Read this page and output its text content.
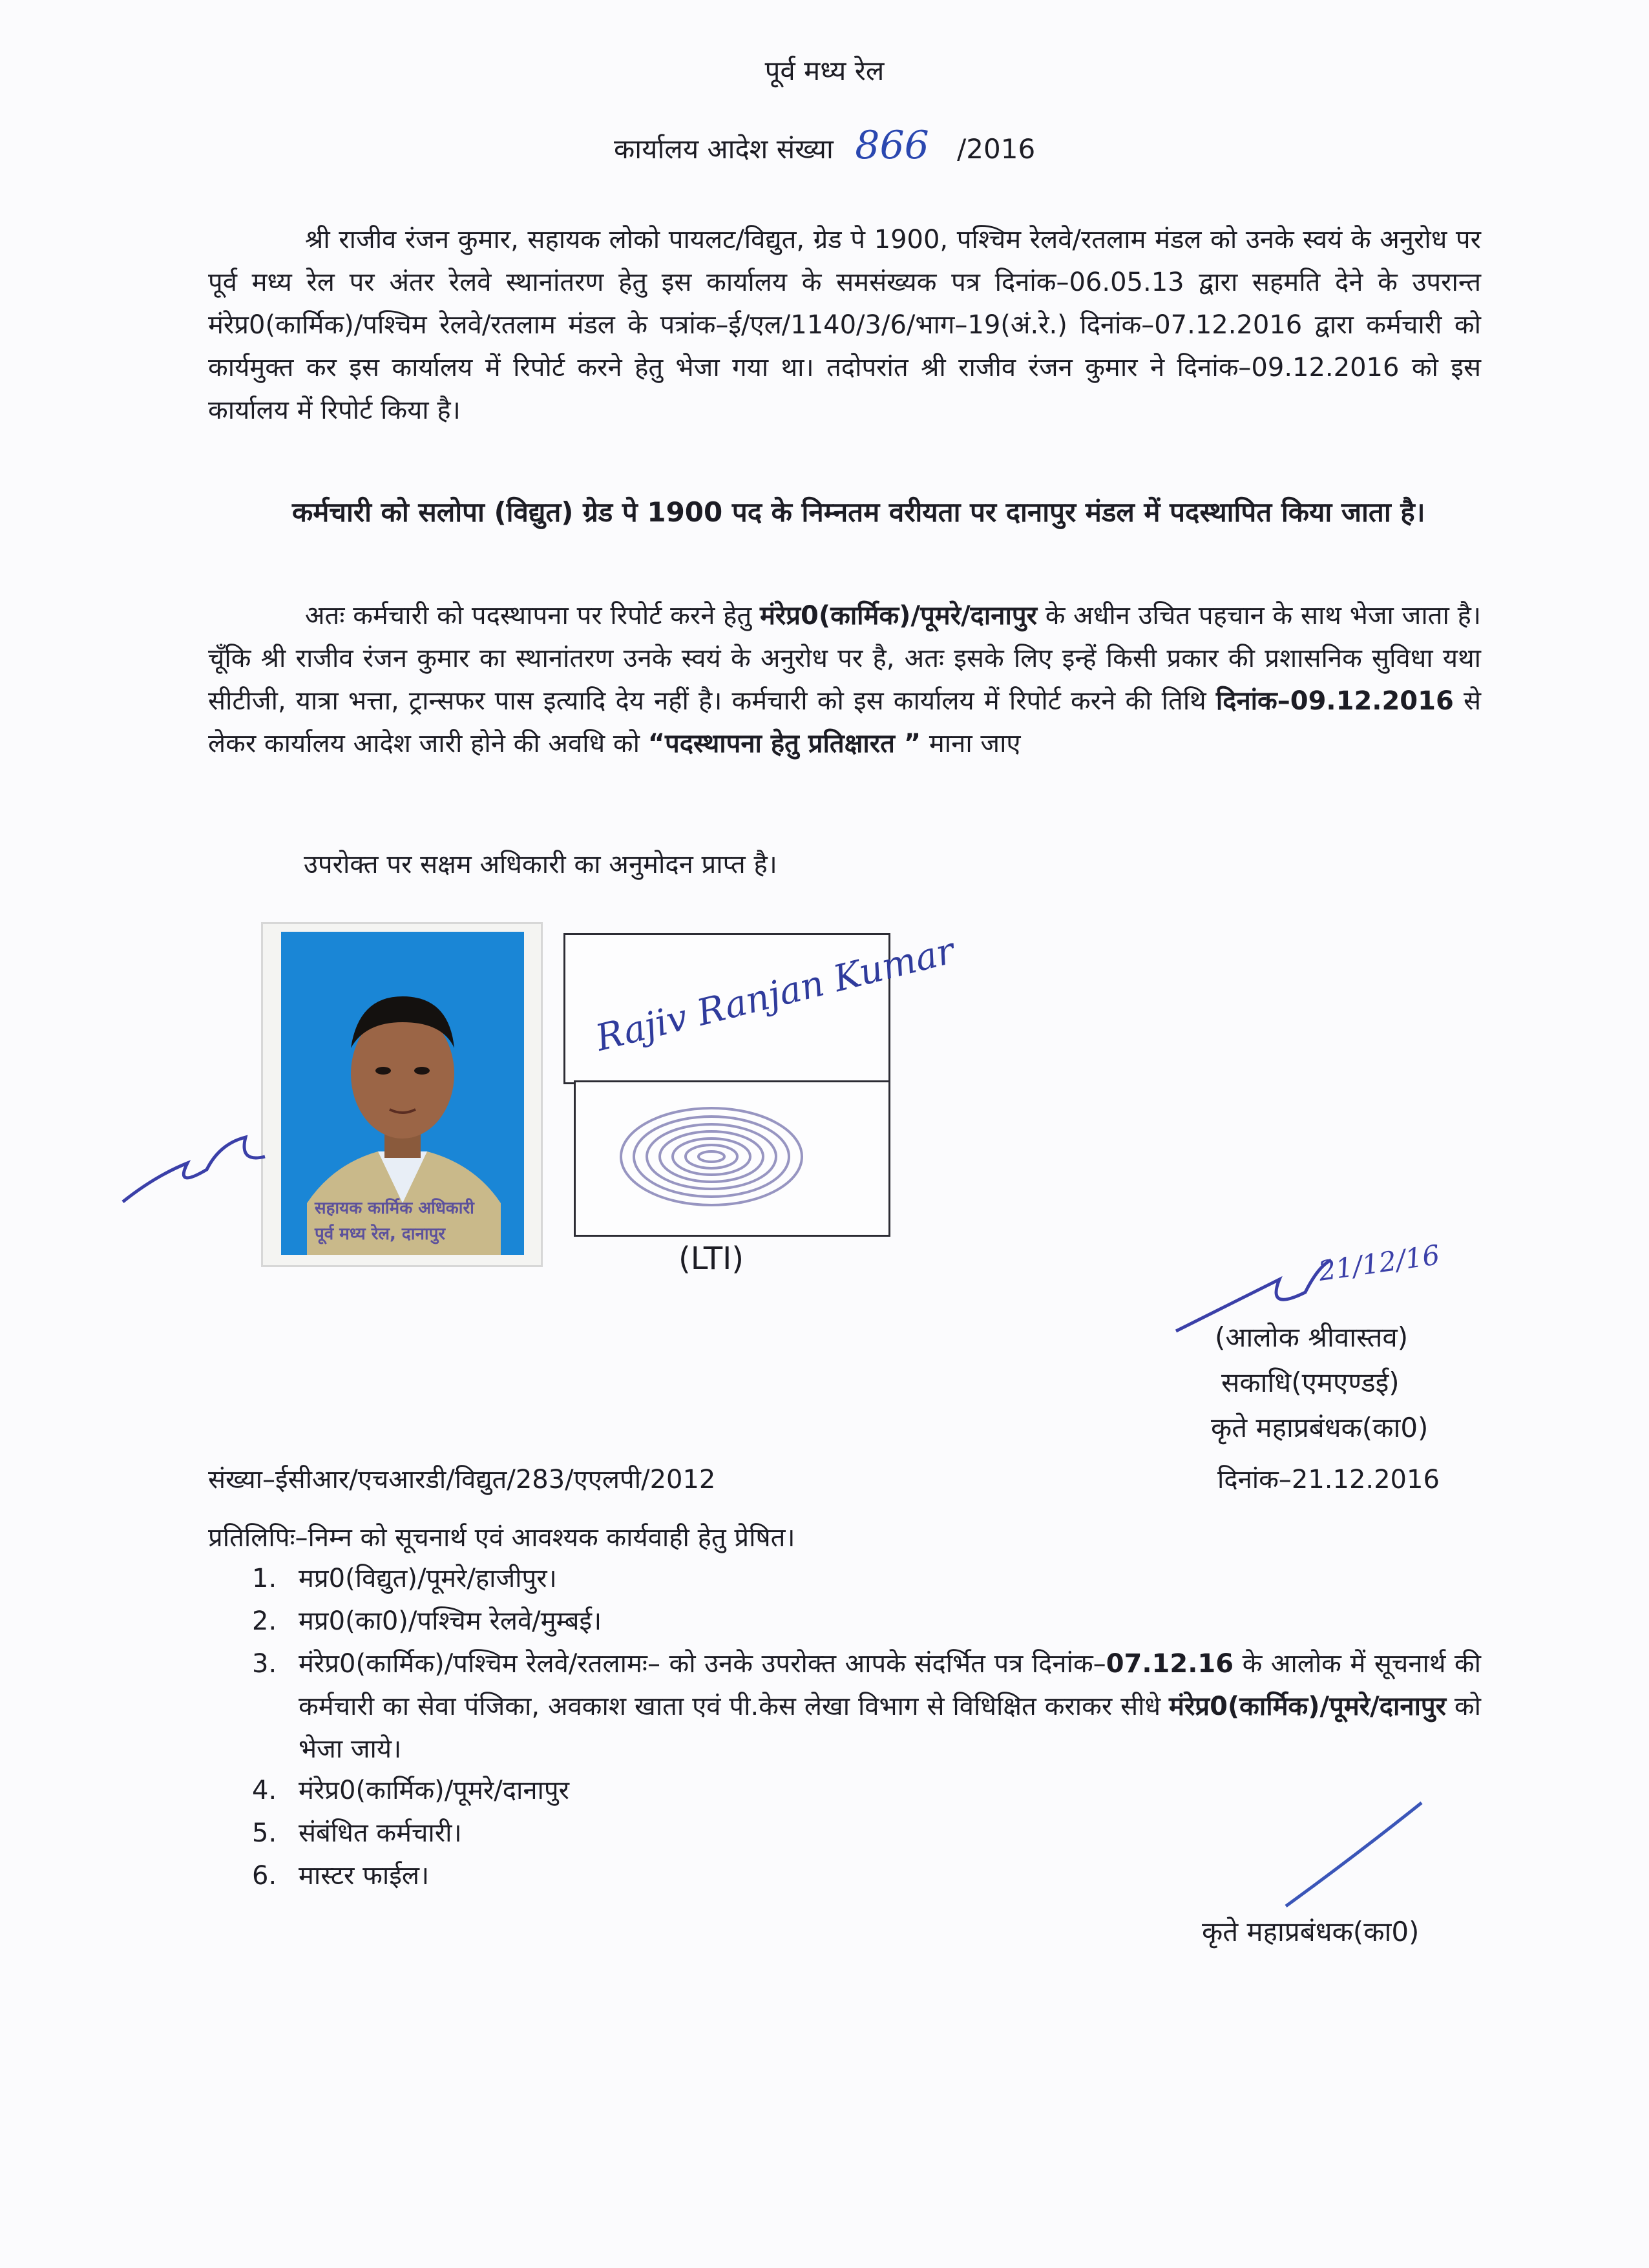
पूर्व मध्य रेल
कार्यालय आदेश संख्या 866 /2016
श्री राजीव रंजन कुमार, सहायक लोको पायलट/विद्युत, ग्रेड पे 1900, पश्चिम रेलवे/रतलाम मंडल को उनके स्वयं के अनुरोध पर पूर्व मध्य रेल पर अंतर रेलवे स्थानांतरण हेतु इस कार्यालय के समसंख्यक पत्र दिनांक–06.05.13 द्वारा सहमति देने के उपरान्त मंरेप्र0(कार्मिक)/पश्चिम रेलवे/रतलाम मंडल के पत्रांक–ई/एल/1140/3/6/भाग–19(अं.रे.) दिनांक–07.12.2016 द्वारा कर्मचारी को कार्यमुक्त कर इस कार्यालय में रिपोर्ट करने हेतु भेजा गया था। तदोपरांत श्री राजीव रंजन कुमार ने दिनांक–09.12.2016 को इस कार्यालय में रिपोर्ट किया है।
कर्मचारी को सलोपा (विद्युत) ग्रेड पे 1900 पद के निम्नतम वरीयता पर दानापुर मंडल में पदस्थापित किया जाता है।
अतः कर्मचारी को पदस्थापना पर रिपोर्ट करने हेतु मंरेप्र0(कार्मिक)/पूमरे/दानापुर के अधीन उचित पहचान के साथ भेजा जाता है। चूँकि श्री राजीव रंजन कुमार का स्थानांतरण उनके स्वयं के अनुरोध पर है, अतः इसके लिए इन्हें किसी प्रकार की प्रशासनिक सुविधा यथा सीटीजी, यात्रा भत्ता, ट्रान्सफर पास इत्यादि देय नहीं है। कर्मचारी को इस कार्यालय में रिपोर्ट करने की तिथि दिनांक–09.12.2016 से लेकर कार्यालय आदेश जारी होने की अवधि को “पदस्थापना हेतु प्रतिक्षारत ” माना जाए
उपरोक्त पर सक्षम अधिकारी का अनुमोदन प्राप्त है।
सहायक कार्मिक अधिकारी
पूर्व मध्य रेल, दानापुर
Rajiv Ranjan Kumar
(LTI)	21/12/16
(आलोक श्रीवास्तव)
सकाधि(एमएण्डई)
कृते महाप्रबंधक(का0)
संख्या–ईसीआर/एचआरडी/विद्युत/283/एएलपी/2012	दिनांक–21.12.2016
प्रतिलिपिः–निम्न को सूचनार्थ एवं आवश्यक कार्यवाही हेतु प्रेषित।
1. मप्र0(विद्युत)/पूमरे/हाजीपुर।
2. मप्र0(का0)/पश्चिम रेलवे/मुम्बई।
3. मंरेप्र0(कार्मिक)/पश्चिम रेलवे/रतलामः– को उनके उपरोक्त आपके संदर्भित पत्र दिनांक–07.12.16 के आलोक में सूचनार्थ की कर्मचारी का सेवा पंजिका, अवकाश खाता एवं पी.केस लेखा विभाग से विधिक्षित कराकर सीधे मंरेप्र0(कार्मिक)/पूमरे/दानापुर को भेजा जाये।
4. मंरेप्र0(कार्मिक)/पूमरे/दानापुर
5. संबंधित कर्मचारी।
6. मास्टर फाईल।
कृते महाप्रबंधक(का0)
